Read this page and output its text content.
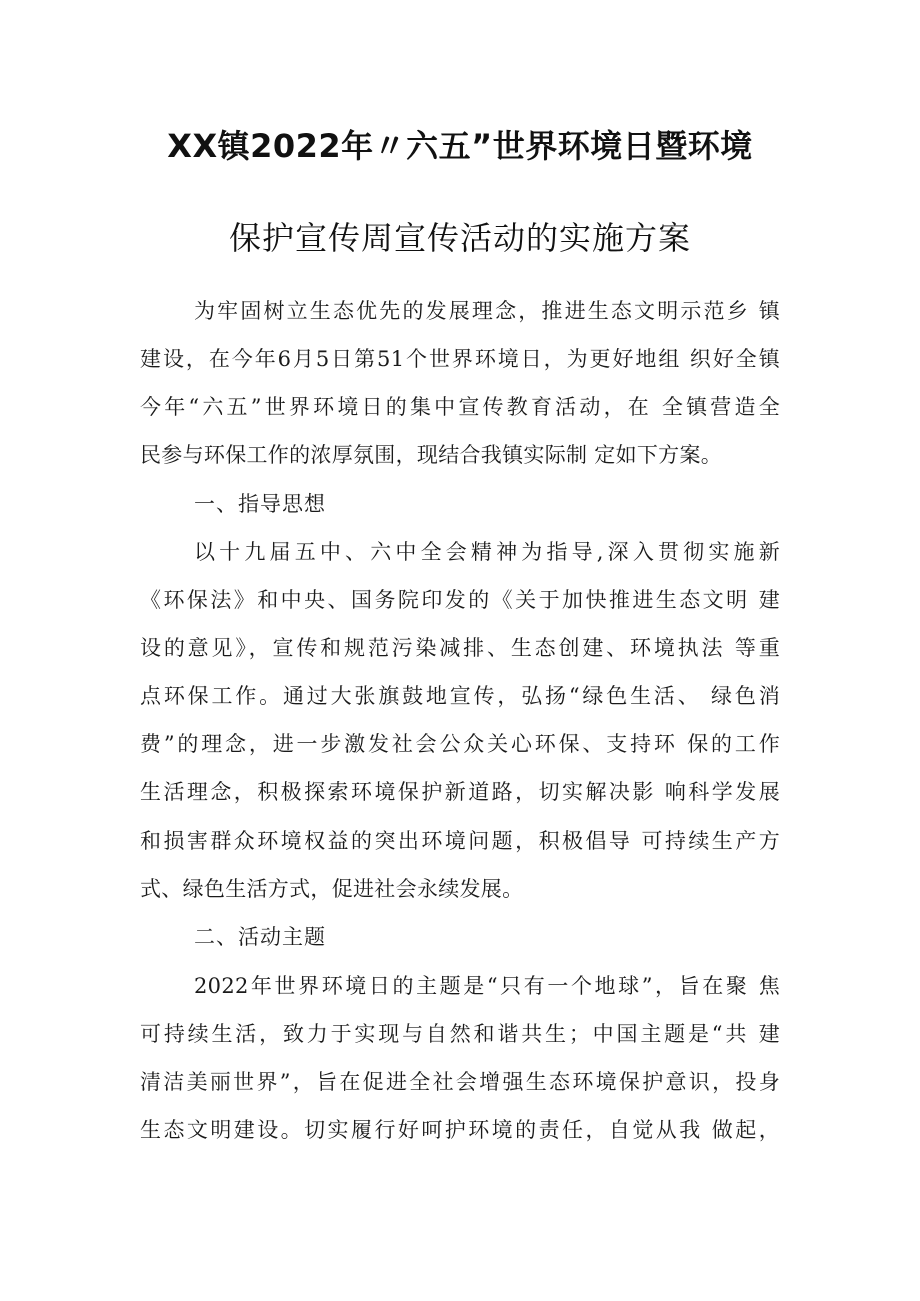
XX镇2022年〃六五”世界环境日暨环境
保护宣传周宣传活动的实施方案
为牢固树立生态优先的发展理念，推进生态文明示范乡 镇
建设，在今年6月5日第51个世界环境日，为更好地组 织好全镇
今年“六五”世界环境日的集中宣传教育活动，在 全镇营造全
民参与环保工作的浓厚氛围，现结合我镇实际制 定如下方案。
一、指导思想
以十九届五中、六中全会精神为指导,深入贯彻实施新
《环保法》和中央、国务院印发的《关于加快推进生态文明 建
设的意见》，宣传和规范污染减排、生态创建、环境执法 等重
点环保工作。通过大张旗鼓地宣传，弘扬“绿色生活、 绿色消
费”的理念，进一步激发社会公众关心环保、支持环 保的工作
生活理念，积极探索环境保护新道路，切实解决影 响科学发展
和损害群众环境权益的突出环境问题，积极倡导 可持续生产方
式、绿色生活方式，促进社会永续发展。
二、活动主题
2022年世界环境日的主题是“只有一个地球”，旨在聚 焦
可持续生活，致力于实现与自然和谐共生；中国主题是“共 建
清洁美丽世界”，旨在促进全社会增强生态环境保护意识，投身
生态文明建设。切实履行好呵护环境的责任，自觉从我 做起，
